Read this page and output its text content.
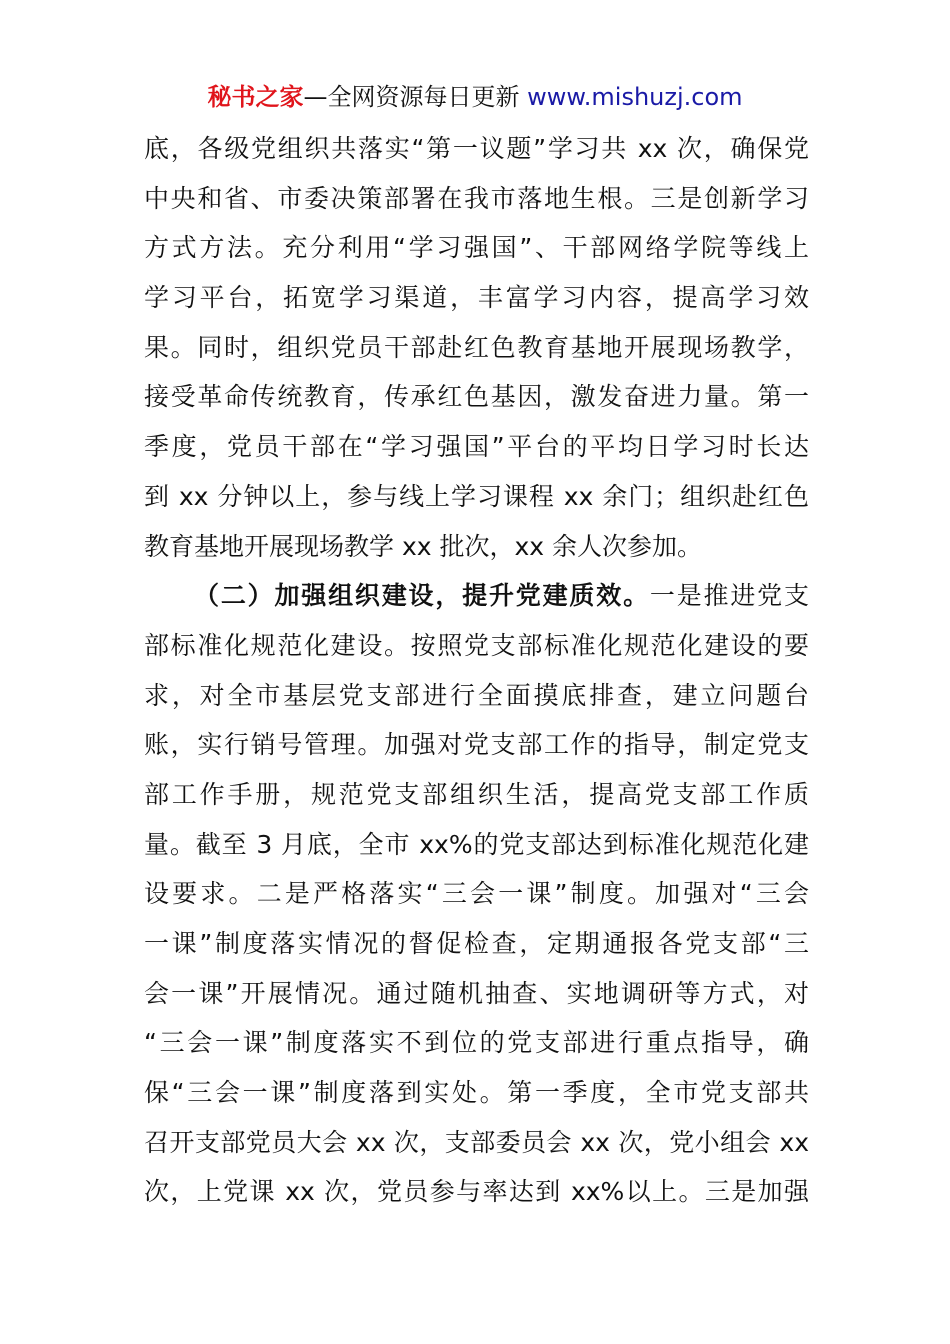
秘书之家—全网资源每日更新 www.mishuzj.com
底，各级党组织共落实“第一议题”学习共 xx 次，确保党
中央和省、市委决策部署在我市落地生根。三是创新学习
方式方法。充分利用“学习强国”、干部网络学院等线上
学习平台，拓宽学习渠道，丰富学习内容，提高学习效
果。同时，组织党员干部赴红色教育基地开展现场教学，
接受革命传统教育，传承红色基因，激发奋进力量。第一
季度，党员干部在“学习强国”平台的平均日学习时长达
到 xx 分钟以上，参与线上学习课程 xx 余门；组织赴红色
教育基地开展现场教学 xx 批次，xx 余人次参加。
（二）加强组织建设，提升党建质效。一是推进党支
部标准化规范化建设。按照党支部标准化规范化建设的要
求，对全市基层党支部进行全面摸底排查，建立问题台
账，实行销号管理。加强对党支部工作的指导，制定党支
部工作手册，规范党支部组织生活，提高党支部工作质
量。截至 3 月底，全市 xx%的党支部达到标准化规范化建
设要求。二是严格落实“三会一课”制度。加强对“三会
一课”制度落实情况的督促检查，定期通报各党支部“三
会一课”开展情况。通过随机抽查、实地调研等方式，对
“三会一课”制度落实不到位的党支部进行重点指导，确
保“三会一课”制度落到实处。第一季度，全市党支部共
召开支部党员大会 xx 次，支部委员会 xx 次，党小组会 xx
次，上党课 xx 次，党员参与率达到 xx%以上。三是加强
